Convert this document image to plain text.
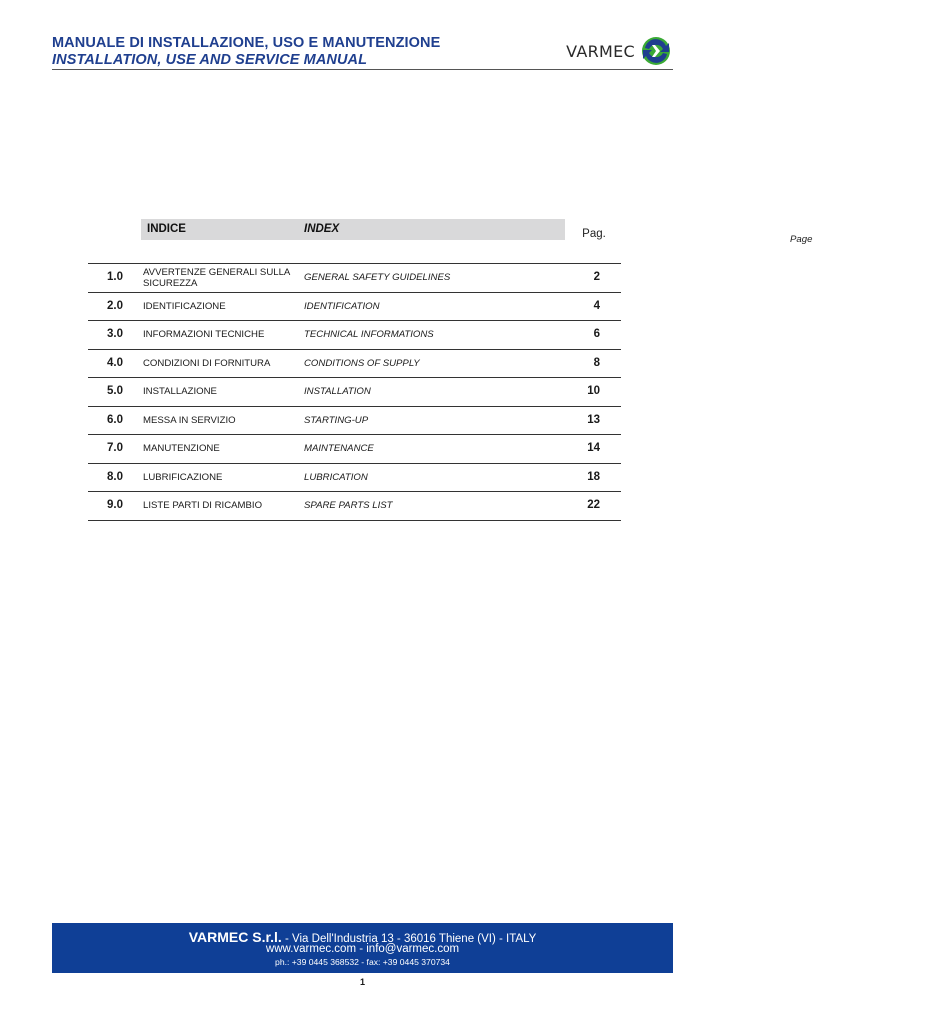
MANUALE DI INSTALLAZIONE, USO E MANUTENZIONE
INSTALLATION, USE AND SERVICE MANUAL	VARMEC
INDICE	INDEX	Pag.	Page
1.0 AVVERTENZE GENERALI SULLA SICUREZZA	GENERAL SAFETY GUIDELINES	2
2.0 IDENTIFICAZIONE	IDENTIFICATION	4
3.0 INFORMAZIONI TECNICHE	TECHNICAL INFORMATIONS	6
4.0 CONDIZIONI DI FORNITURA	CONDITIONS OF SUPPLY	8
5.0 INSTALLAZIONE	INSTALLATION	10
6.0 MESSA IN SERVIZIO	STARTING-UP	13
7.0 MANUTENZIONE	MAINTENANCE	14
8.0 LUBRIFICAZIONE	LUBRICATION	18
9.0 LISTE PARTI DI RICAMBIO	SPARE PARTS LIST	22
VARMEC S.r.l. - Via Dell'Industria 13 - 36016 Thiene (VI) - ITALY
www.varmec.com - info@varmec.com
ph.: +39 0445 368532 - fax: +39 0445 370734
1
